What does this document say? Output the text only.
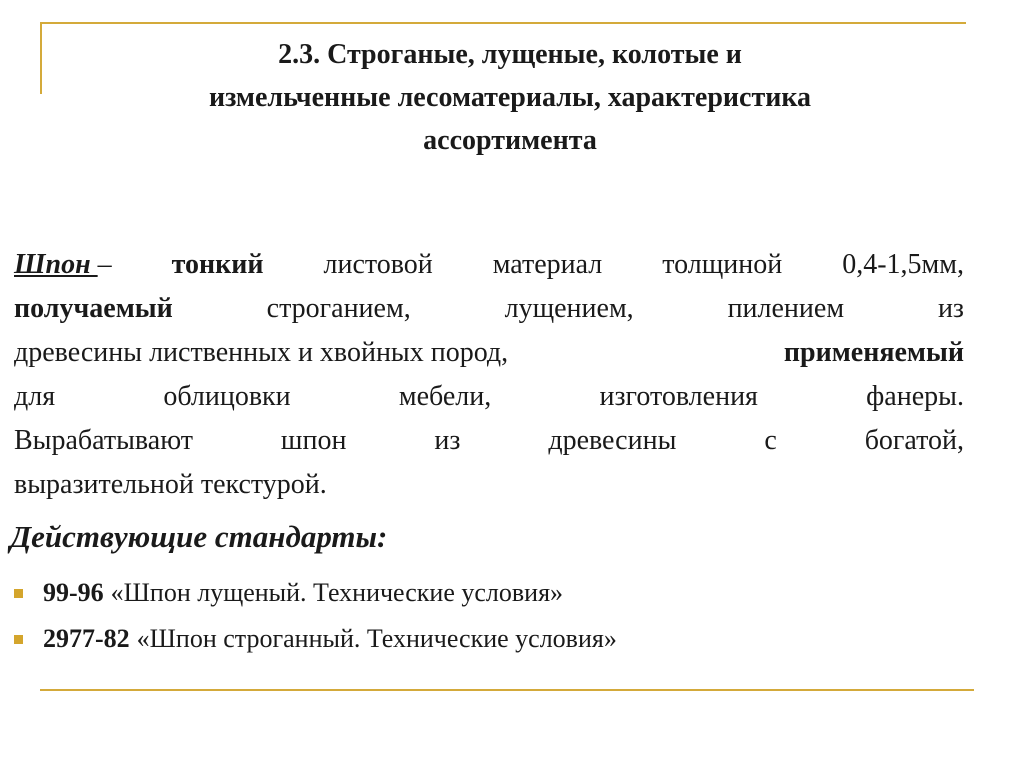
2.3. Строганые, лущеные, колотые и
измельченные лесоматериалы, характеристика
ассортимента
Шпон – тонкий листовой материал толщиной 0,4-1,5мм,
получаемый	строганием,	лущением,	пилением	из
древесины лиственных и хвойных пород,	применяемый
для	облицовки	мебели,	изготовления	фанеры.
Вырабатывают	шпон	из	древесины	с	богатой,
выразительной текстурой.
Действующие стандарты:
99-96 «Шпон лущеный. Технические условия»
2977-82 «Шпон строганный. Технические условия»
